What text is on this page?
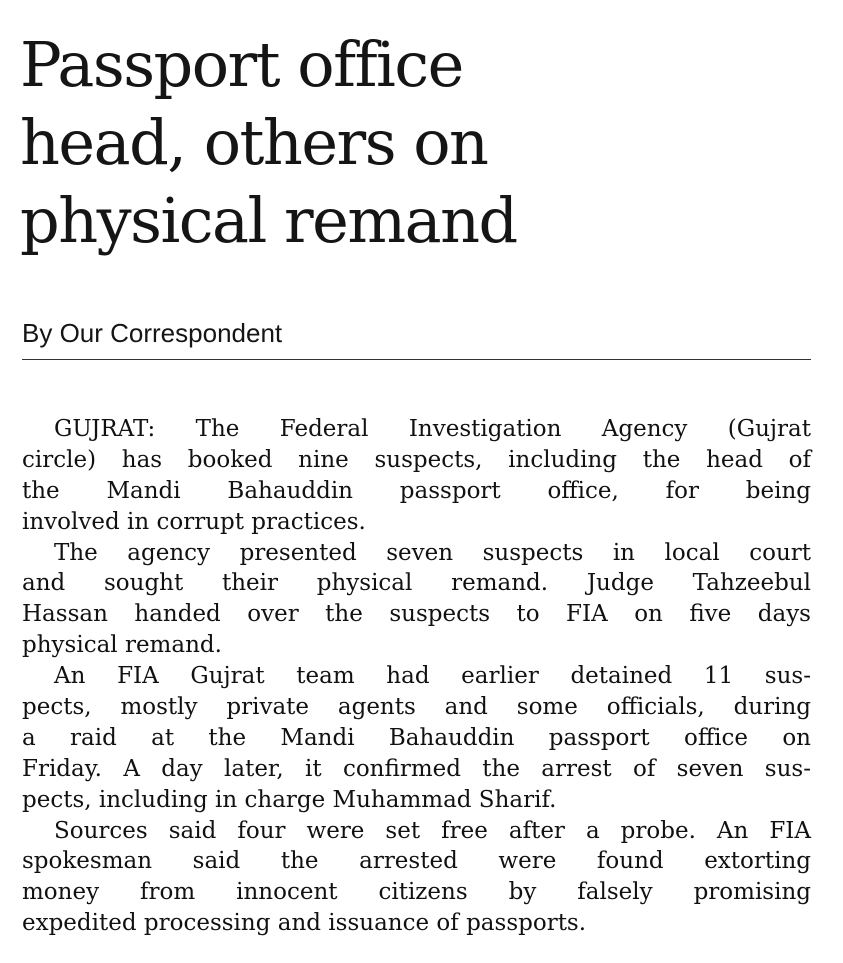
Passport office
head, others on
physical remand
By Our Correspondent
GUJRAT: The Federal Investigation Agency (Gujrat
circle) has booked nine suspects, including the head of
the Mandi Bahauddin passport office, for being
involved in corrupt practices.
The agency presented seven suspects in local court
and sought their physical remand. Judge Tahzeebul
Hassan handed over the suspects to FIA on five days
physical remand.
An FIA Gujrat team had earlier detained 11 sus-
pects, mostly private agents and some officials, during
a raid at the Mandi Bahauddin passport office on
Friday. A day later, it confirmed the arrest of seven sus-
pects, including in charge Muhammad Sharif.
Sources said four were set free after a probe. An FIA
spokesman said the arrested were found extorting
money from innocent citizens by falsely promising
expedited processing and issuance of passports.
